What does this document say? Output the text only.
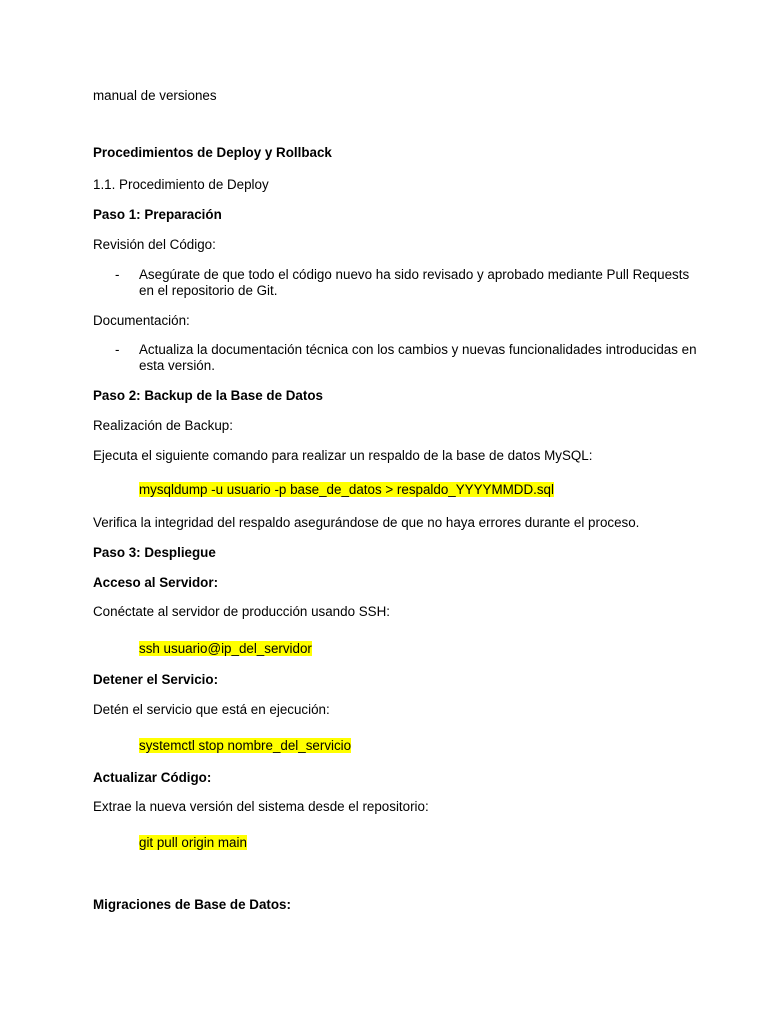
manual de versiones
Procedimientos de Deploy y Rollback
1.1. Procedimiento de Deploy
Paso 1: Preparación
Revisión del Código:
- Asegúrate de que todo el código nuevo ha sido revisado y aprobado mediante Pull Requests en el repositorio de Git.
Documentación:
- Actualiza la documentación técnica con los cambios y nuevas funcionalidades introducidas en esta versión.
Paso 2: Backup de la Base de Datos
Realización de Backup:
Ejecuta el siguiente comando para realizar un respaldo de la base de datos MySQL:
mysqldump -u usuario -p base_de_datos > respaldo_YYYYMMDD.sql
Verifica la integridad del respaldo asegurándose de que no haya errores durante el proceso.
Paso 3: Despliegue
Acceso al Servidor:
Conéctate al servidor de producción usando SSH:
ssh usuario@ip_del_servidor
Detener el Servicio:
Detén el servicio que está en ejecución:
systemctl stop nombre_del_servicio
Actualizar Código:
Extrae la nueva versión del sistema desde el repositorio:
git pull origin main
Migraciones de Base de Datos:
